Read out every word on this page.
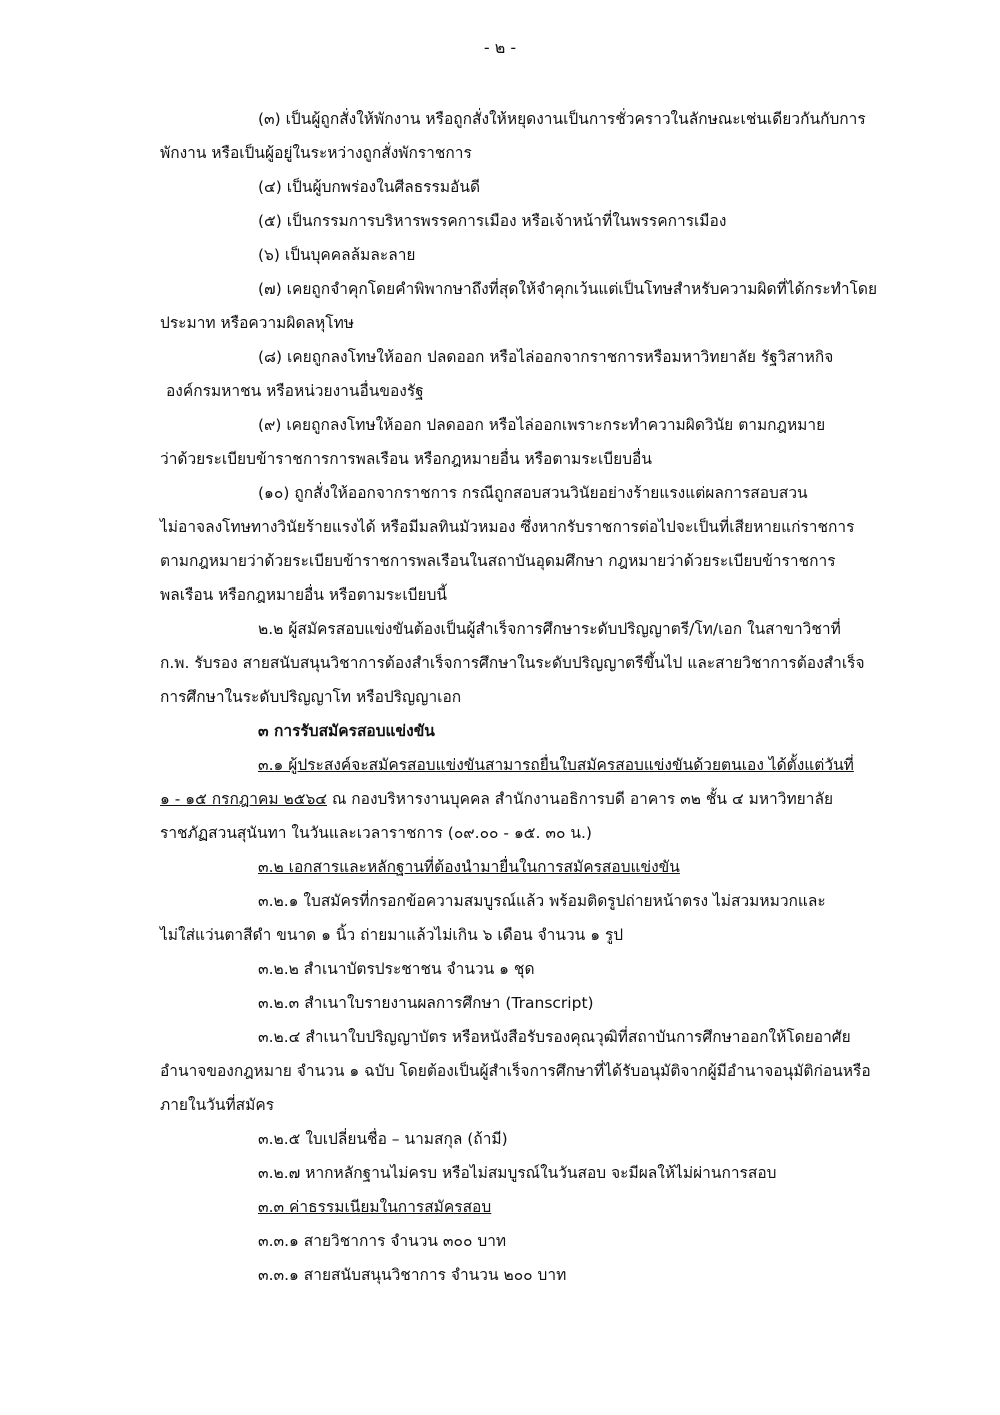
- ๒ -
(๓) เป็นผู้ถูกสั่งให้พักงาน หรือถูกสั่งให้หยุดงานเป็นการชั่วคราวในลักษณะเช่นเดียวกันกับการ
พักงาน หรือเป็นผู้อยู่ในระหว่างถูกสั่งพักราชการ
(๔) เป็นผู้บกพร่องในศีลธรรมอันดี
(๕) เป็นกรรมการบริหารพรรคการเมือง หรือเจ้าหน้าที่ในพรรคการเมือง
(๖) เป็นบุคคลล้มละลาย
(๗) เคยถูกจำคุกโดยคำพิพากษาถึงที่สุดให้จำคุกเว้นแต่เป็นโทษสำหรับความผิดที่ได้กระทำโดย
ประมาท หรือความผิดลหุโทษ
(๘) เคยถูกลงโทษให้ออก ปลดออก หรือไล่ออกจากราชการหรือมหาวิทยาลัย รัฐวิสาหกิจ
องค์กรมหาชน หรือหน่วยงานอื่นของรัฐ
(๙) เคยถูกลงโทษให้ออก ปลดออก หรือไล่ออกเพราะกระทำความผิดวินัย ตามกฎหมาย
ว่าด้วยระเบียบข้าราชการการพลเรือน หรือกฎหมายอื่น หรือตามระเบียบอื่น
(๑๐) ถูกสั่งให้ออกจากราชการ กรณีถูกสอบสวนวินัยอย่างร้ายแรงแต่ผลการสอบสวน
ไม่อาจลงโทษทางวินัยร้ายแรงได้ หรือมีมลทินมัวหมอง ซึ่งหากรับราชการต่อไปจะเป็นที่เสียหายแก่ราชการ
ตามกฎหมายว่าด้วยระเบียบข้าราชการพลเรือนในสถาบันอุดมศึกษา กฎหมายว่าด้วยระเบียบข้าราชการ
พลเรือน หรือกฎหมายอื่น หรือตามระเบียบนี้
๒.๒ ผู้สมัครสอบแข่งขันต้องเป็นผู้สำเร็จการศึกษาระดับปริญญาตรี/โท/เอก ในสาขาวิชาที่
ก.พ. รับรอง สายสนับสนุนวิชาการต้องสำเร็จการศึกษาในระดับปริญญาตรีขึ้นไป และสายวิชาการต้องสำเร็จ
การศึกษาในระดับปริญญาโท หรือปริญญาเอก
๓ การรับสมัครสอบแข่งขัน
๓.๑ ผู้ประสงค์จะสมัครสอบแข่งขันสามารถยื่นใบสมัครสอบแข่งขันด้วยตนเอง ได้ตั้งแต่วันที่
๑ - ๑๕ กรกฎาคม ๒๕๖๔ ณ กองบริหารงานบุคคล สำนักงานอธิการบดี อาคาร ๓๒ ชั้น ๔ มหาวิทยาลัย
ราชภัฏสวนสุนันทา ในวันและเวลาราชการ (๐๙.๐๐ - ๑๕. ๓๐ น.)
๓.๒ เอกสารและหลักฐานที่ต้องนำมายื่นในการสมัครสอบแข่งขัน
๓.๒.๑ ใบสมัครที่กรอกข้อความสมบูรณ์แล้ว พร้อมติดรูปถ่ายหน้าตรง ไม่สวมหมวกและ
ไม่ใส่แว่นตาสีดำ ขนาด ๑ นิ้ว ถ่ายมาแล้วไม่เกิน ๖ เดือน จำนวน ๑ รูป
๓.๒.๒ สำเนาบัตรประชาชน จำนวน ๑ ชุด
๓.๒.๓ สำเนาใบรายงานผลการศึกษา (Transcript)
๓.๒.๔ สำเนาใบปริญญาบัตร หรือหนังสือรับรองคุณวุฒิที่สถาบันการศึกษาออกให้โดยอาศัย
อำนาจของกฎหมาย จำนวน ๑ ฉบับ โดยต้องเป็นผู้สำเร็จการศึกษาที่ได้รับอนุมัติจากผู้มีอำนาจอนุมัติก่อนหรือ
ภายในวันที่สมัคร
๓.๒.๕ ใบเปลี่ยนชื่อ – นามสกุล (ถ้ามี)
๓.๒.๗ หากหลักฐานไม่ครบ หรือไม่สมบูรณ์ในวันสอบ จะมีผลให้ไม่ผ่านการสอบ
๓.๓ ค่าธรรมเนียมในการสมัครสอบ
๓.๓.๑ สายวิชาการ จำนวน ๓๐๐ บาท
๓.๓.๑ สายสนับสนุนวิชาการ จำนวน ๒๐๐ บาท
